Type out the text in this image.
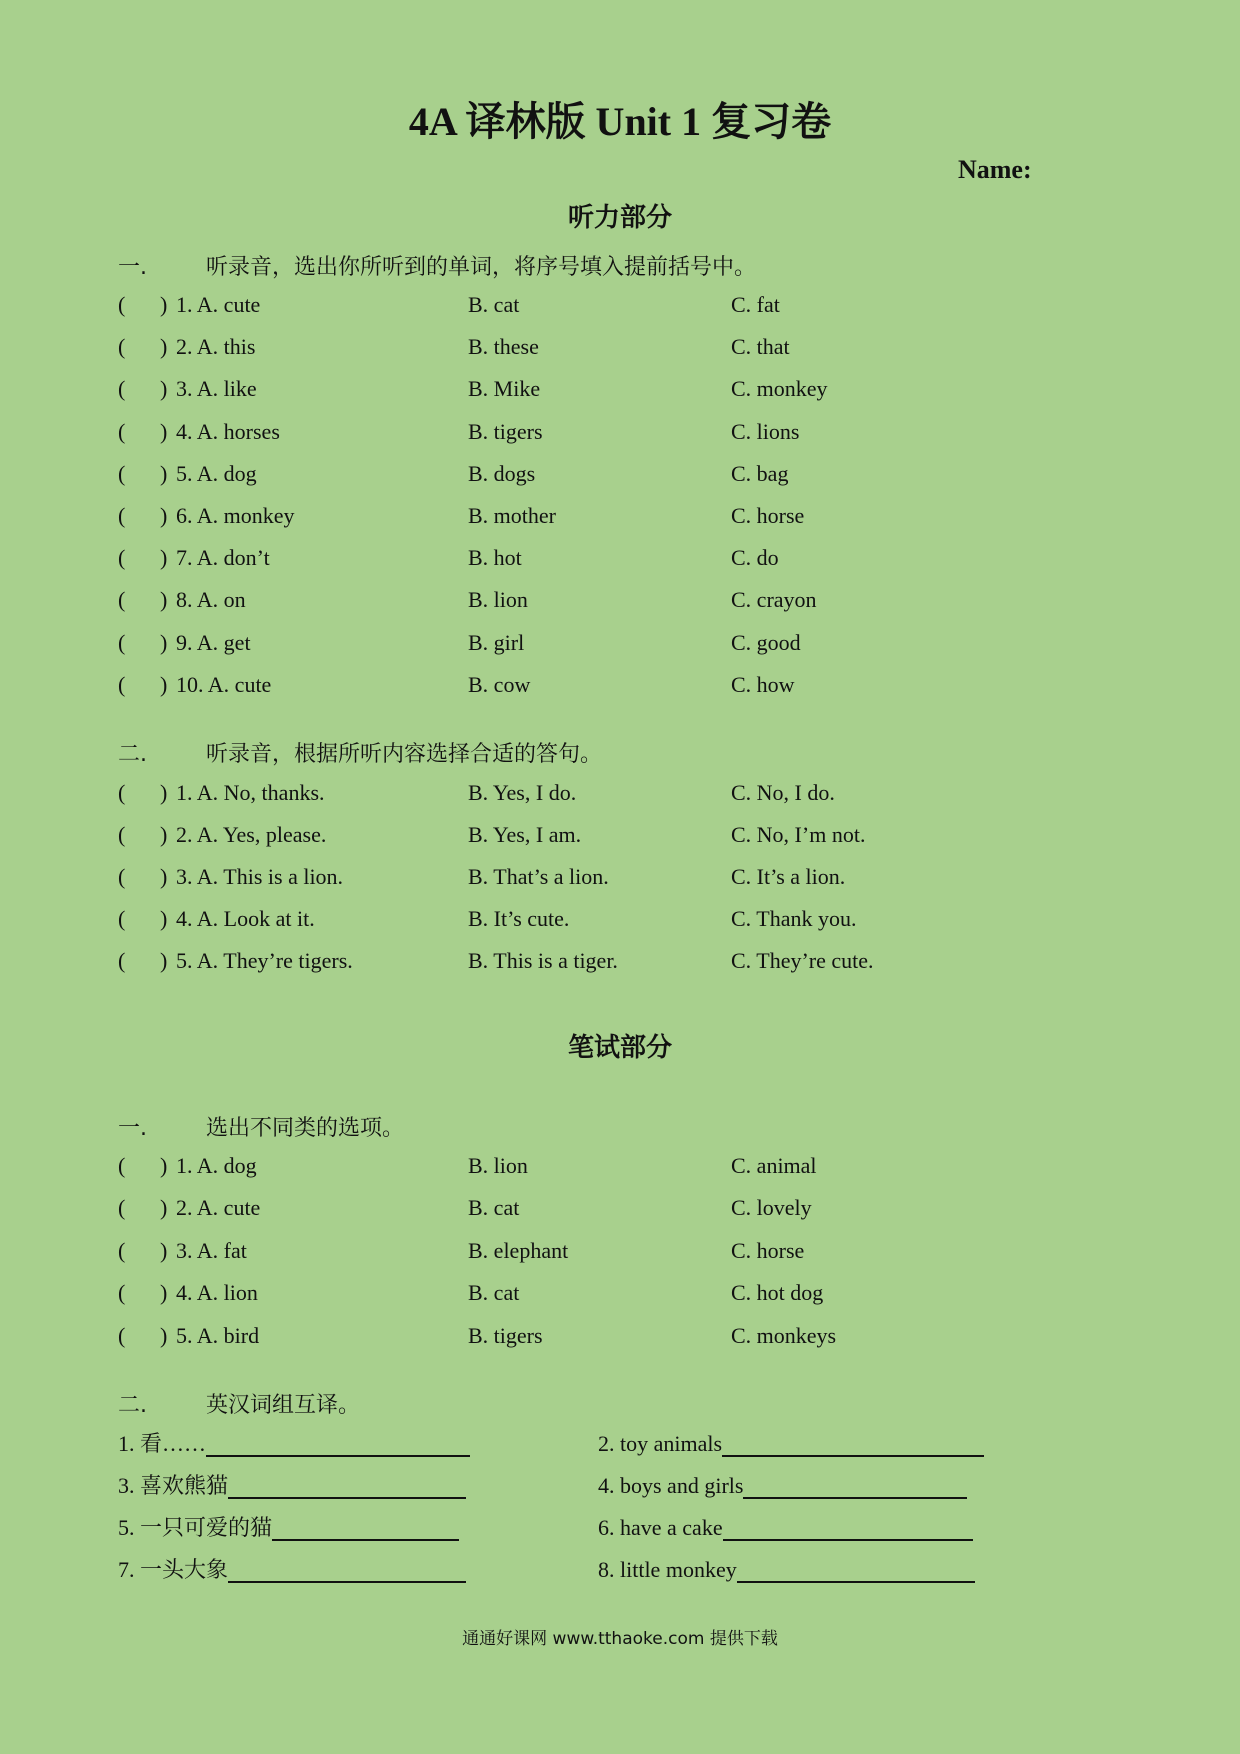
4A 译林版 Unit 1 复习卷
Name:
听力部分
一.	听录音，选出你所听到的单词，将序号填入提前括号中。
( ) 1. A. cute	B. cat	C. fat
( ) 2. A. this	B. these	C. that
( ) 3. A. like	B. Mike	C. monkey
( ) 4. A. horses	B. tigers	C. lions
( ) 5. A. dog	B. dogs	C. bag
( ) 6. A. monkey	B. mother	C. horse
( ) 7. A. don’t	B. hot	C. do
( ) 8. A. on	B. lion	C. crayon
( ) 9. A. get	B. girl	C. good
( ) 10. A. cute	B. cow	C. how
二.	听录音，根据所听内容选择合适的答句。
( ) 1. A. No, thanks.	B. Yes, I do.	C. No, I do.
( ) 2. A. Yes, please.	B. Yes, I am.	C. No, I’m not.
( ) 3. A. This is a lion.	B. That’s a lion.	C. It’s a lion.
( ) 4. A. Look at it.	B. It’s cute.	C. Thank you.
( ) 5. A. They’re tigers.	B. This is a tiger.	C. They’re cute.
笔试部分
一.	选出不同类的选项。
( ) 1. A. dog	B. lion	C. animal
( ) 2. A. cute	B. cat	C. lovely
( ) 3. A. fat	B. elephant	C. horse
( ) 4. A. lion	B. cat	C. hot dog
( ) 5. A. bird	B. tigers	C. monkeys
二.	英汉词组互译。
1. 看……	2. toy animals
3. 喜欢熊猫	4. boys and girls
5. 一只可爱的猫	6. have a cake
7. 一头大象	8. little monkey
通通好课网 www.tthaoke.com 提供下载
